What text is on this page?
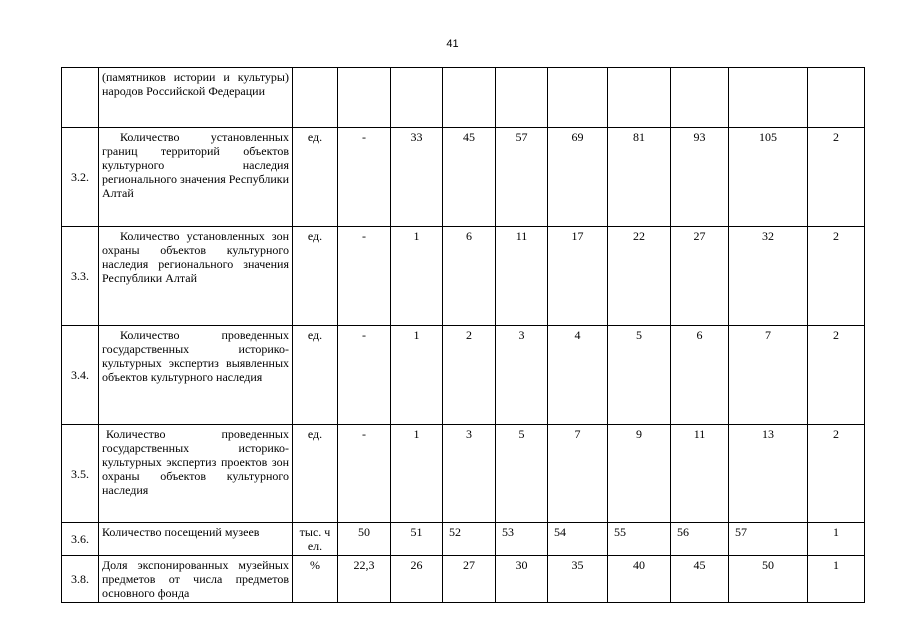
41
	(памятников истории и культуры) народов Российской Федерации										
3.2.	Количество установленных границ территорий объектов культурного наследия регионального значения Республики Алтай	ед.	-	33	45	57	69	81	93	105	2
3.3.	Количество установленных зон охраны объектов культурного наследия регионального значения Республики Алтай	ед.	-	1	6	11	17	22	27	32	2
3.4.	Количество проведенных государственных историко-культурных экспертиз выявленных объектов культурного наследия	ед.	-	1	2	3	4	5	6	7	2
3.5.	Количество проведенных государственных историко-культурных экспертиз проектов зон охраны объектов культурного наследия	ед.	-	1	3	5	7	9	11	13	2
3.6.	Количество посещений музеев	тыс. ч ел.	50	51	52	53	54	55	56	57	1
3.8.	Доля экспонированных музейных предметов от числа предметов основного фонда	%	22,3	26	27	30	35	40	45	50	1
